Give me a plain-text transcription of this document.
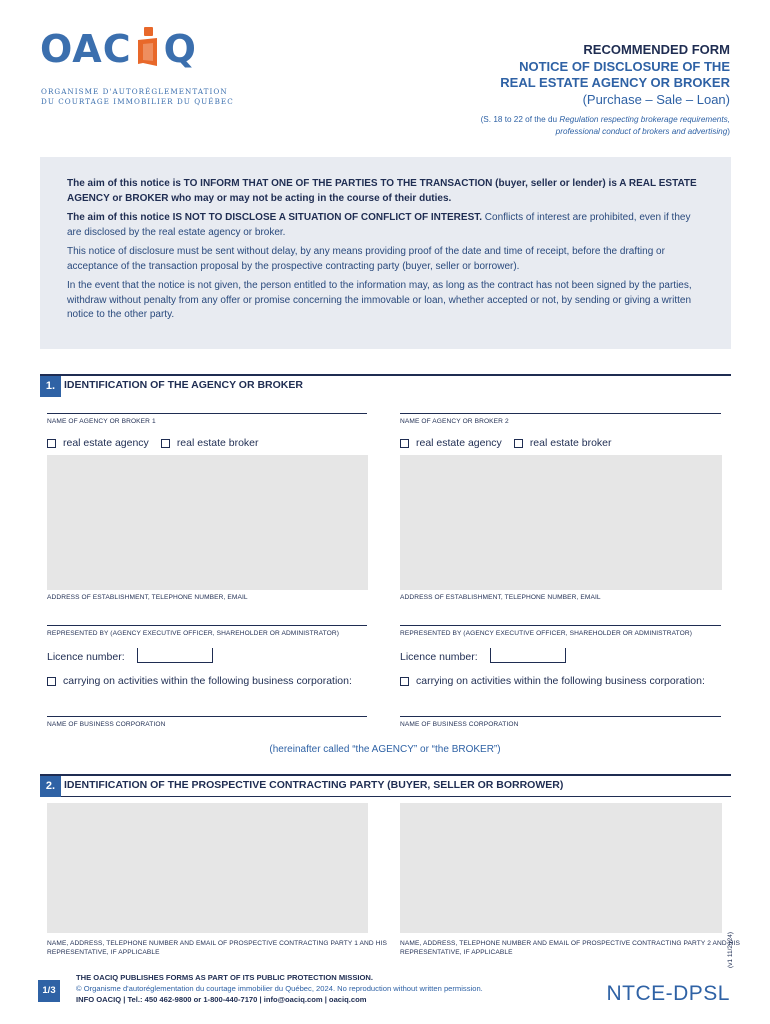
OAC Q
ORGANISME D'AUTORÉGLEMENTATION
DU COURTAGE IMMOBILIER DU QUÉBEC
RECOMMENDED FORM
NOTICE OF DISCLOSURE OF THE
REAL ESTATE AGENCY OR BROKER
(Purchase – Sale – Loan)
(S. 18 to 22 of the du Regulation respecting brokerage requirements,
professional conduct of brokers and advertising)

The aim of this notice is TO INFORM THAT ONE OF THE PARTIES TO THE TRANSACTION (buyer, seller or lender) is A REAL ESTATE AGENCY or BROKER who may or may not be acting in the course of their duties.

The aim of this notice IS NOT TO DISCLOSE A SITUATION OF CONFLICT OF INTEREST. Conflicts of interest are prohibited, even if they are disclosed by the real estate agency or broker.

This notice of disclosure must be sent without delay, by any means providing proof of the date and time of receipt, before the drafting or acceptance of the transaction proposal by the prospective contracting party (buyer, seller or borrower).

In the event that the notice is not given, the person entitled to the information may, as long as the contract has not been signed by the parties, withdraw without penalty from any offer or promise concerning the immovable or loan, whether accepted or not, by sending or giving a written notice to the other party.

1. IDENTIFICATION OF THE AGENCY OR BROKER
NAME OF AGENCY OR BROKER 1
real estate agency	real estate broker
ADDRESS OF ESTABLISHMENT, TELEPHONE NUMBER, EMAIL
REPRESENTED BY (AGENCY EXECUTIVE OFFICER, SHAREHOLDER OR ADMINISTRATOR)
Licence number:
carrying on activities within the following business corporation:
NAME OF BUSINESS CORPORATION
NAME OF AGENCY OR BROKER 2
real estate agency	real estate broker
ADDRESS OF ESTABLISHMENT, TELEPHONE NUMBER, EMAIL
REPRESENTED BY (AGENCY EXECUTIVE OFFICER, SHAREHOLDER OR ADMINISTRATOR)
Licence number:
carrying on activities within the following business corporation:
NAME OF BUSINESS CORPORATION
(hereinafter called “the AGENCY” or “the BROKER”)
2. IDENTIFICATION OF THE PROSPECTIVE CONTRACTING PARTY (BUYER, SELLER OR BORROWER)
NAME, ADDRESS, TELEPHONE NUMBER AND EMAIL OF PROSPECTIVE CONTRACTING PARTY 1 AND HIS
REPRESENTATIVE, IF APPLICABLE
NAME, ADDRESS, TELEPHONE NUMBER AND EMAIL OF PROSPECTIVE CONTRACTING PARTY 2 AND HIS
REPRESENTATIVE, IF APPLICABLE	(v1 11/2024)
1/3
THE OACIQ PUBLISHES FORMS AS PART OF ITS PUBLIC PROTECTION MISSION.
© Organisme d'autoréglementation du courtage immobilier du Québec, 2024. No reproduction without written permission.
INFO OACIQ | Tel.: 450 462-9800 or 1-800-440-7170 | info@oaciq.com | oaciq.com	NTCE-DPSL
